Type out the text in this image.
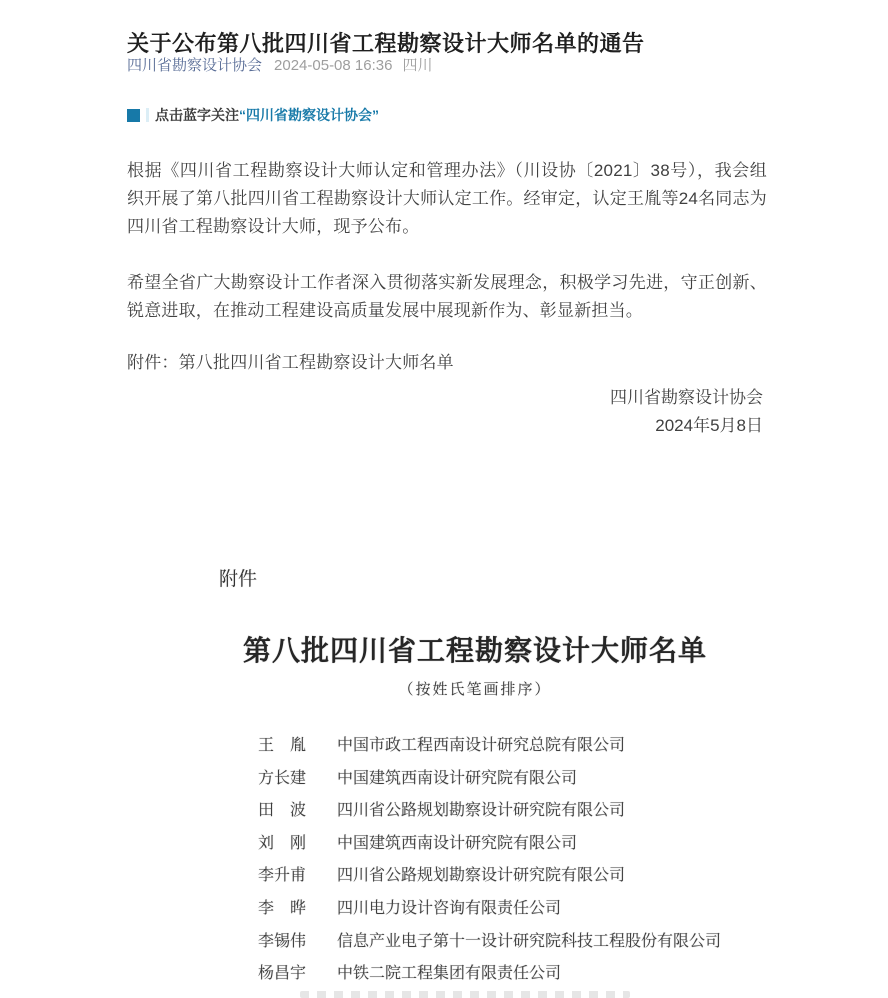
关于公布第八批四川省工程勘察设计大师名单的通告
四川省勘察设计协会 2024-05-08 16:36 四川
点击蓝字关注“四川省勘察设计协会”

根据《四川省工程勘察设计大师认定和管理办法》（川设协〔2021〕38号），我会组织开展了第八批四川省工程勘察设计大师认定工作。经审定，认定王胤等24名同志为四川省工程勘察设计大师，现予公布。

希望全省广大勘察设计工作者深入贯彻落实新发展理念，积极学习先进，守正创新、锐意进取，在推动工程建设高质量发展中展现新作为、彰显新担当。

附件：第八批四川省工程勘察设计大师名单

四川省勘察设计协会
2024年5月8日
附件
第八批四川省工程勘察设计大师名单
（按姓氏笔画排序）
王　胤 中国市政工程西南设计研究总院有限公司
方长建 中国建筑西南设计研究院有限公司
田　波 四川省公路规划勘察设计研究院有限公司
刘　刚 中国建筑西南设计研究院有限公司
李升甫 四川省公路规划勘察设计研究院有限公司
李　晔 四川电力设计咨询有限责任公司
李锡伟 信息产业电子第十一设计研究院科技工程股份有限公司
杨昌宇 中铁二院工程集团有限责任公司
